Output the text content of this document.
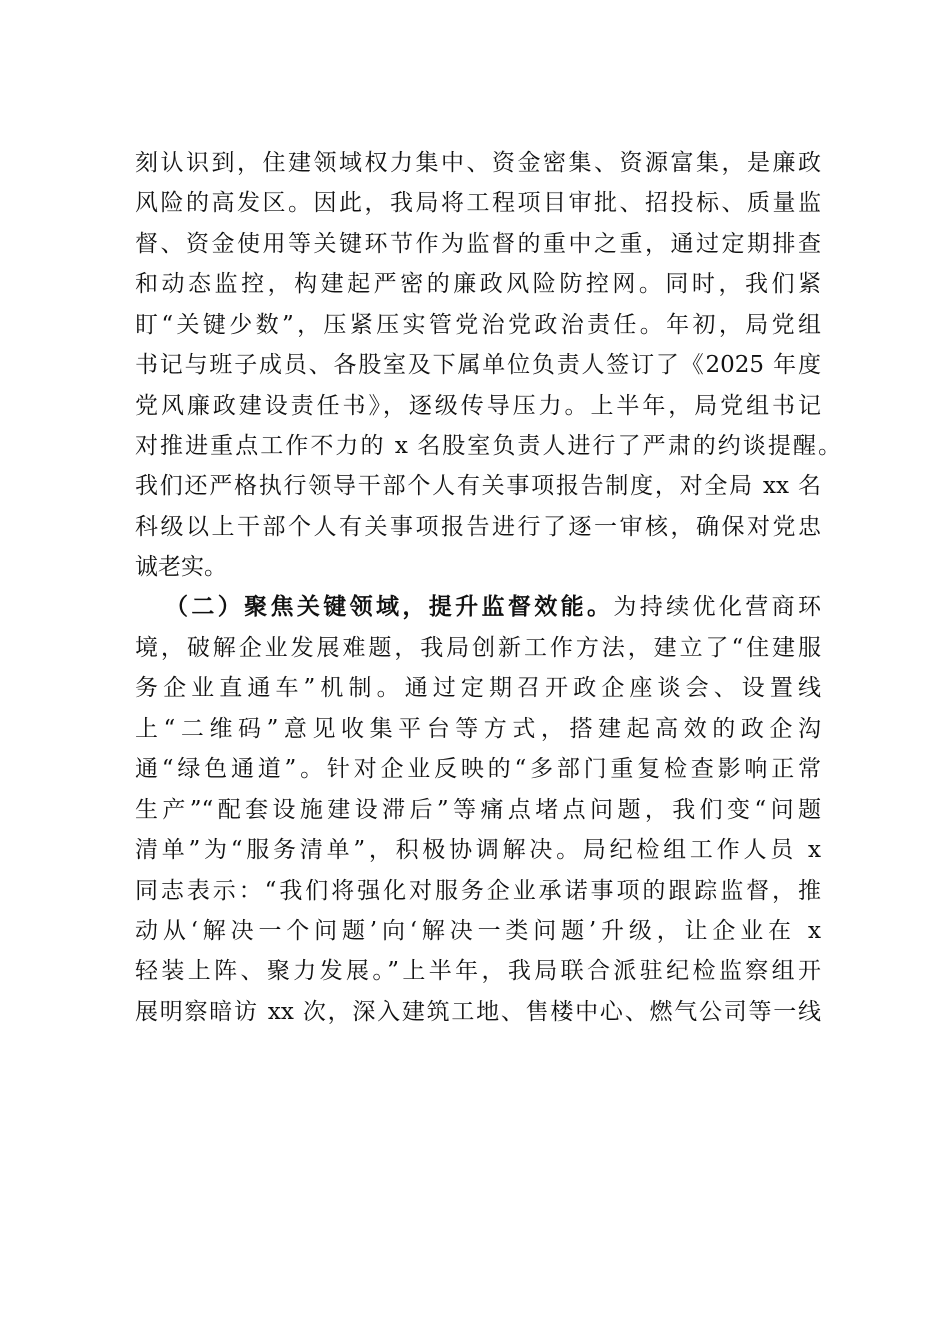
刻认识到，住建领域权力集中、资金密集、资源富集，是廉政
风险的高发区。因此，我局将工程项目审批、招投标、质量监
督、资金使用等关键环节作为监督的重中之重，通过定期排查
和动态监控，构建起严密的廉政风险防控网。同时，我们紧
盯“关键少数”，压紧压实管党治党政治责任。年初，局党组
书记与班子成员、各股室及下属单位负责人签订了《2025 年度
党风廉政建设责任书》，逐级传导压力。上半年，局党组书记
对推进重点工作不力的 x 名股室负责人进行了严肃的约谈提醒。
我们还严格执行领导干部个人有关事项报告制度，对全局 xx 名
科级以上干部个人有关事项报告进行了逐一审核，确保对党忠
诚老实。
（二）聚焦关键领域，提升监督效能。为持续优化营商环
境，破解企业发展难题，我局创新工作方法，建立了“住建服
务企业直通车”机制。通过定期召开政企座谈会、设置线
上“二维码”意见收集平台等方式，搭建起高效的政企沟
通“绿色通道”。针对企业反映的“多部门重复检查影响正常
生产”“配套设施建设滞后”等痛点堵点问题，我们变“问题
清单”为“服务清单”，积极协调解决。局纪检组工作人员 x
同志表示：“我们将强化对服务企业承诺事项的跟踪监督，推
动从‘解决一个问题’向‘解决一类问题’升级，让企业在 x
轻装上阵、聚力发展。”上半年，我局联合派驻纪检监察组开
展明察暗访 xx 次，深入建筑工地、售楼中心、燃气公司等一线
